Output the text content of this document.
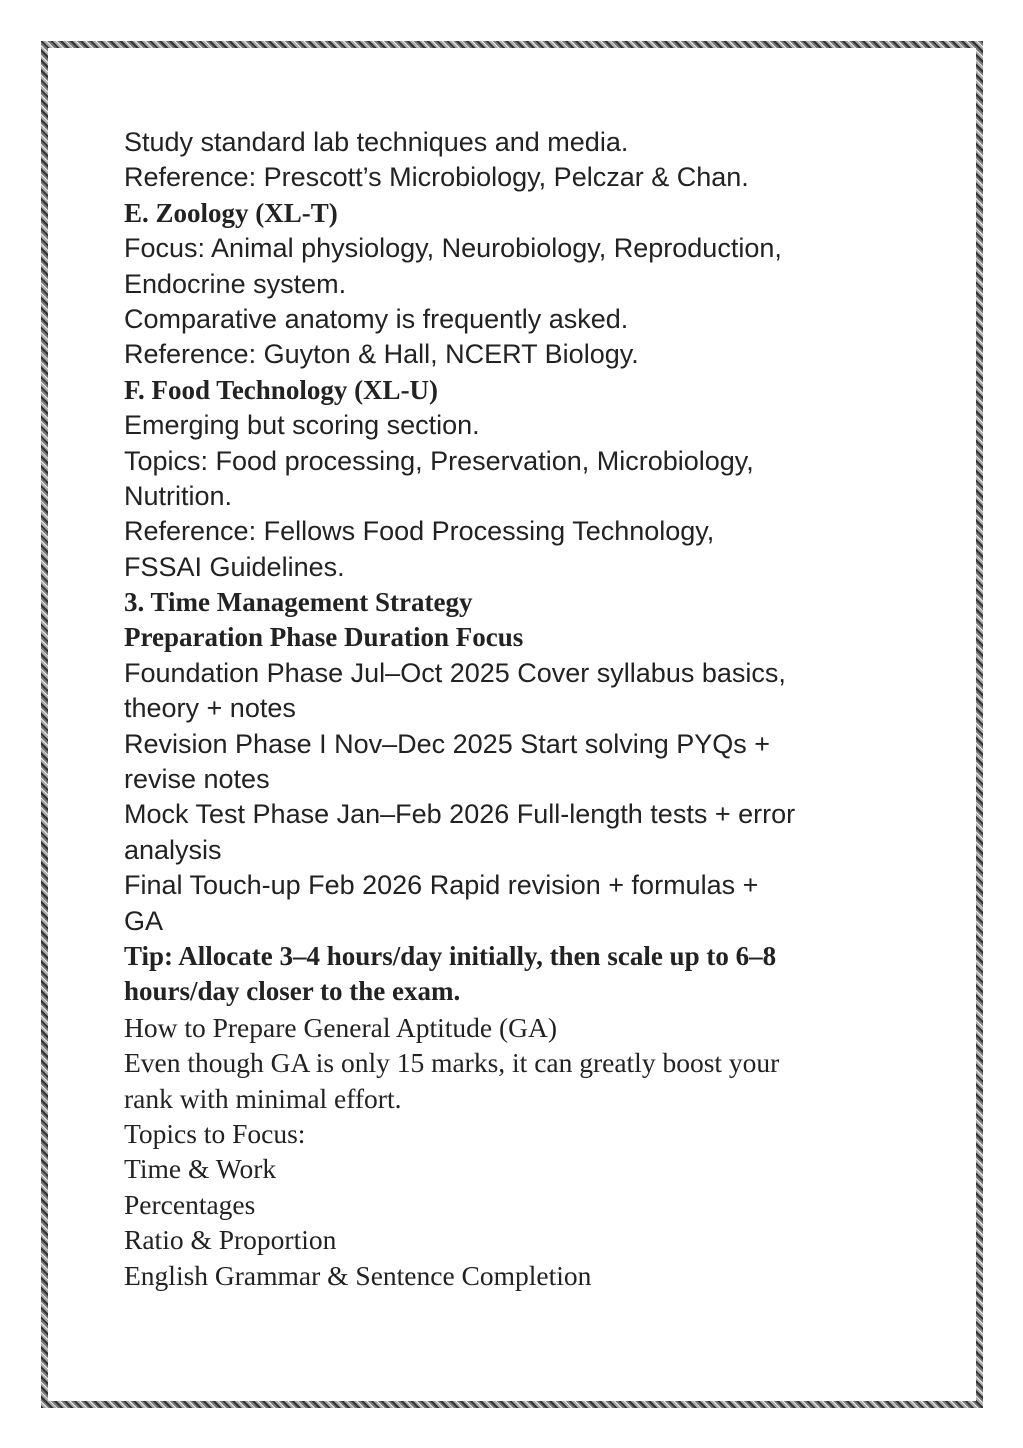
Study standard lab techniques and media.
Reference: Prescott’s Microbiology, Pelczar & Chan.
E. Zoology (XL-T)
Focus: Animal physiology, Neurobiology, Reproduction,
Endocrine system.
Comparative anatomy is frequently asked.
Reference: Guyton & Hall, NCERT Biology.
F. Food Technology (XL-U)
Emerging but scoring section.
Topics: Food processing, Preservation, Microbiology,
Nutrition.
Reference: Fellows Food Processing Technology,
FSSAI Guidelines.
3. Time Management Strategy
Preparation Phase Duration Focus
Foundation Phase Jul–Oct 2025 Cover syllabus basics,
theory + notes
Revision Phase I Nov–Dec 2025 Start solving PYQs +
revise notes
Mock Test Phase Jan–Feb 2026 Full-length tests + error
analysis
Final Touch-up Feb 2026 Rapid revision + formulas +
GA
Tip: Allocate 3–4 hours/day initially, then scale up to 6–8
hours/day closer to the exam.
How to Prepare General Aptitude (GA)
Even though GA is only 15 marks, it can greatly boost your
rank with minimal effort.
Topics to Focus:
Time & Work
Percentages
Ratio & Proportion
English Grammar & Sentence Completion
